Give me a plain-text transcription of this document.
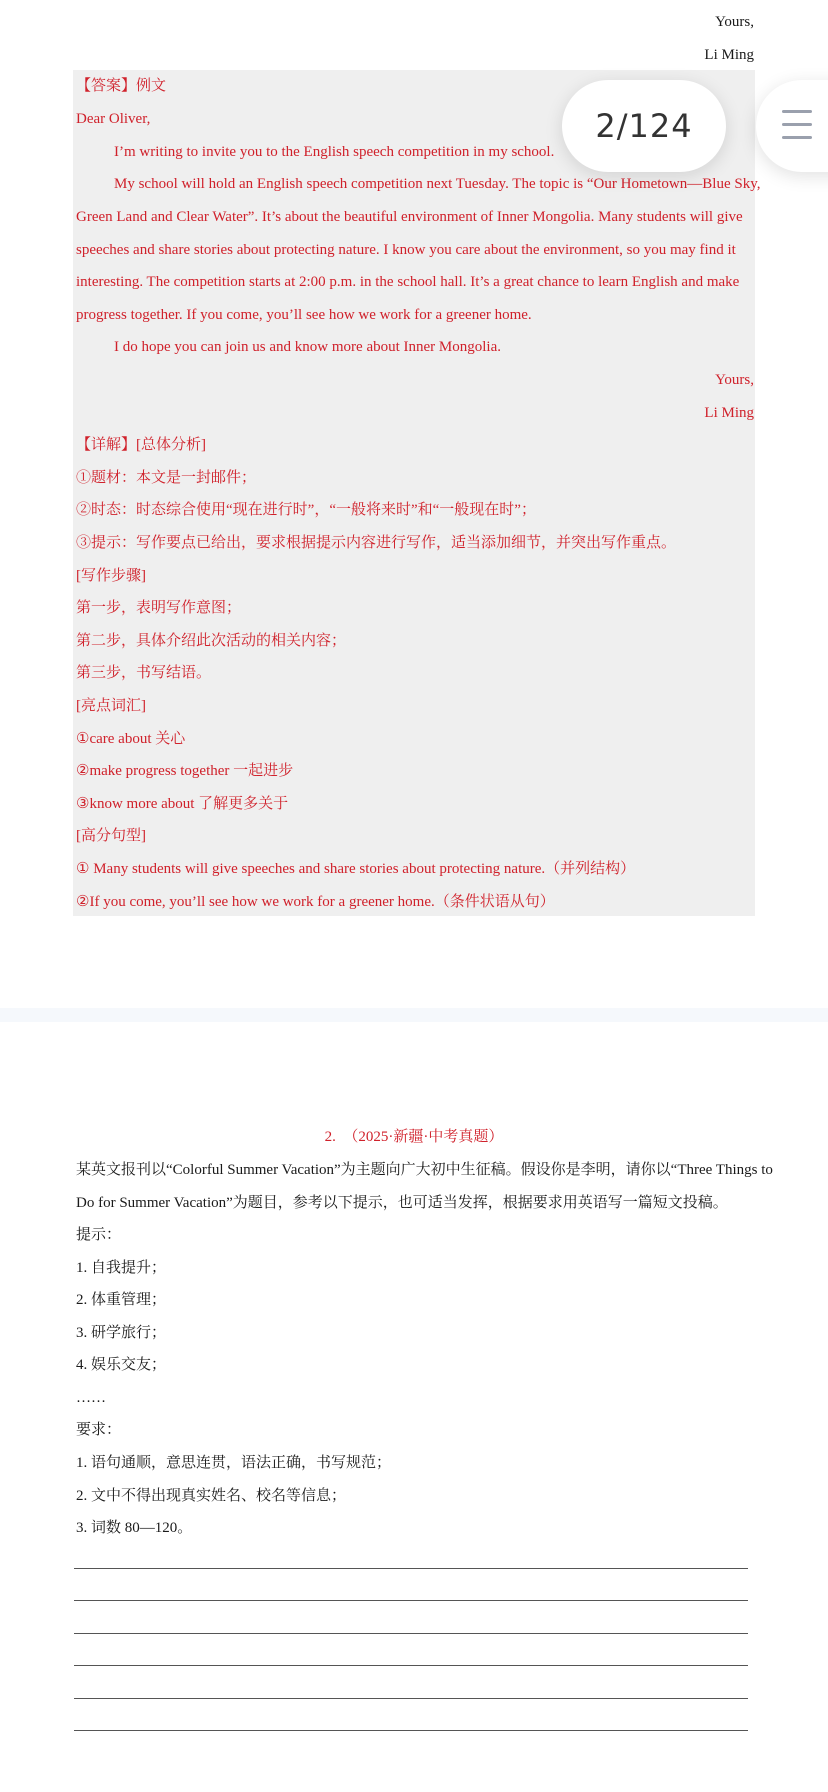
Yours,
Li Ming
【答案】例文
Dear Oliver,
I’m writing to invite you to the English speech competition in my school.
My school will hold an English speech competition next Tuesday. The topic is “Our Hometown—Blue Sky,
Green Land and Clear Water”. It’s about the beautiful environment of Inner Mongolia. Many students will give
speeches and share stories about protecting nature. I know you care about the environment, so you may find it
interesting. The competition starts at 2:00 p.m. in the school hall. It’s a great chance to learn English and make
progress together. If you come, you’ll see how we work for a greener home.
I do hope you can join us and know more about Inner Mongolia.
Yours,
Li Ming
【详解】[总体分析]
①题材：本文是一封邮件；
②时态：时态综合使用“现在进行时”，“一般将来时”和“一般现在时”；
③提示：写作要点已给出，要求根据提示内容进行写作，适当添加细节，并突出写作重点。
[写作步骤]
第一步，表明写作意图；
第二步，具体介绍此次活动的相关内容；
第三步，书写结语。
[亮点词汇]
①care about 关心
②make progress together 一起进步
③know more about 了解更多关于
[高分句型]
① Many students will give speeches and share stories about protecting nature.（并列结构）
②If you come, you’ll see how we work for a greener home.（条件状语从句）
2. （2025·新疆·中考真题）
某英文报刊以“Colorful Summer Vacation”为主题向广大初中生征稿。假设你是李明，请你以“Three Things to
Do for Summer Vacation”为题目，参考以下提示，也可适当发挥，根据要求用英语写一篇短文投稿。
提示：
1. 自我提升；
2. 体重管理；
3. 研学旅行；
4. 娱乐交友；
……
要求：
1. 语句通顺，意思连贯，语法正确，书写规范；
2. 文中不得出现真实姓名、校名等信息；
3. 词数 80—120。
2/124
